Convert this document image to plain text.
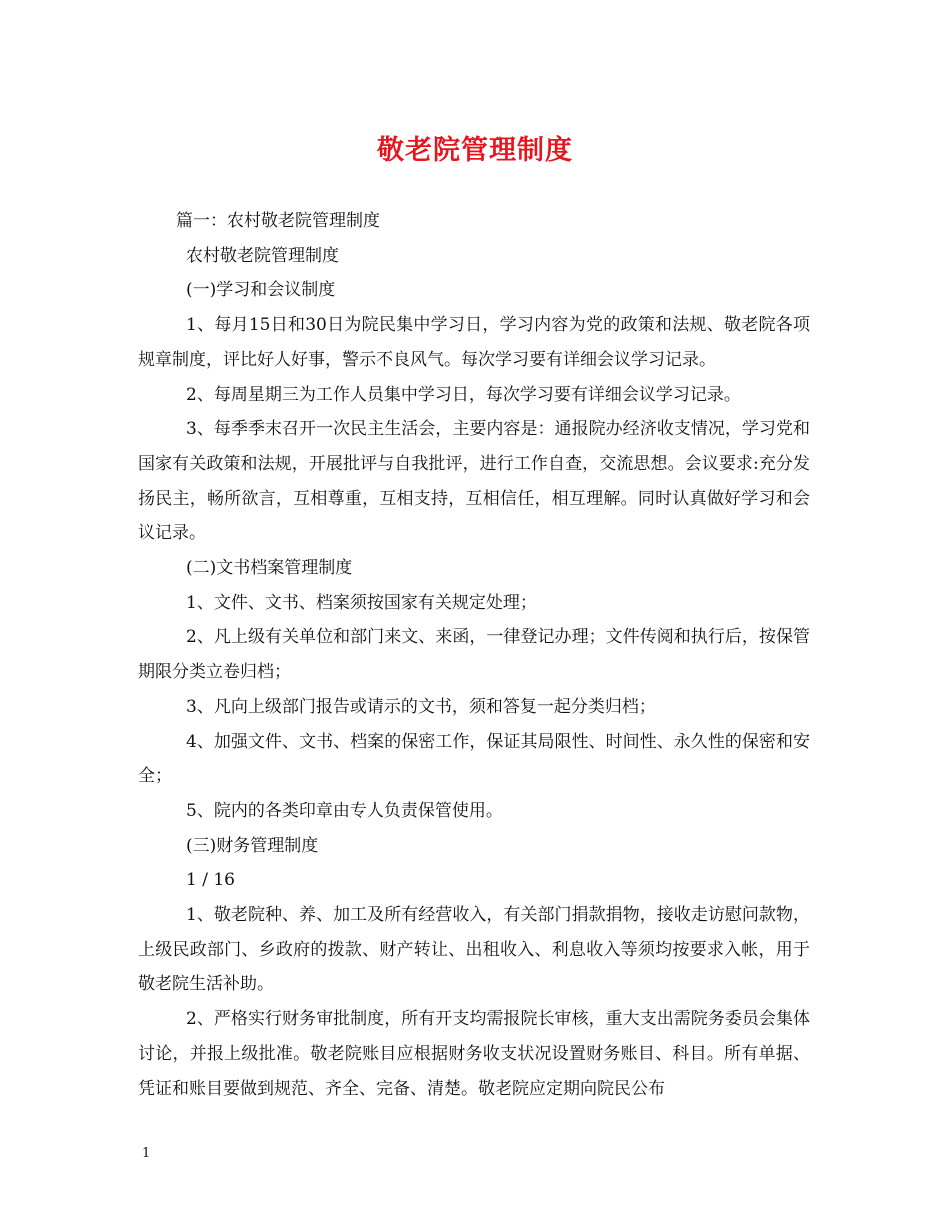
敬老院管理制度

篇一：农村敬老院管理制度

农村敬老院管理制度

(一)学习和会议制度

1、每月15日和30日为院民集中学习日，学习内容为党的政策和法规、敬老院各项规章制度，评比好人好事，警示不良风气。每次学习要有详细会议学习记录。

2、每周星期三为工作人员集中学习日，每次学习要有详细会议学习记录。

3、每季季末召开一次民主生活会，主要内容是：通报院办经济收支情况，学习党和国家有关政策和法规，开展批评与自我批评，进行工作自查，交流思想。会议要求:充分发扬民主，畅所欲言，互相尊重，互相支持，互相信任，相互理解。同时认真做好学习和会议记录。

(二)文书档案管理制度

1、文件、文书、档案须按国家有关规定处理；

2、凡上级有关单位和部门来文、来函，一律登记办理；文件传阅和执行后，按保管期限分类立卷归档；

3、凡向上级部门报告或请示的文书，须和答复一起分类归档；

4、加强文件、文书、档案的保密工作，保证其局限性、时间性、永久性的保密和安全；

5、院内的各类印章由专人负责保管使用。

(三)财务管理制度

1 / 16

1、敬老院种、养、加工及所有经营收入，有关部门捐款捐物，接收走访慰问款物，上级民政部门、乡政府的拨款、财产转让、出租收入、利息收入等须均按要求入帐，用于敬老院生活补助。

2、严格实行财务审批制度，所有开支均需报院长审核，重大支出需院务委员会集体讨论，并报上级批准。敬老院账目应根据财务收支状况设置财务账目、科目。所有单据、凭证和账目要做到规范、齐全、完备、清楚。敬老院应定期向院民公布

1
